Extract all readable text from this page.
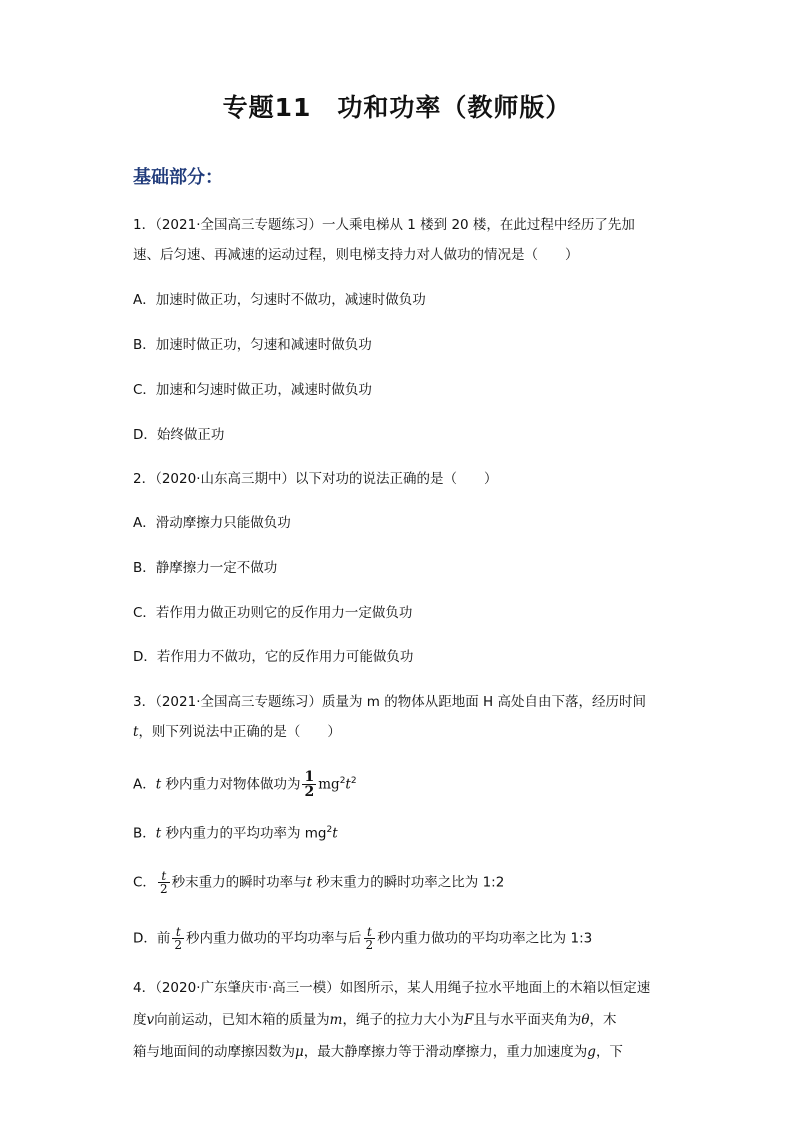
专题11 功和功率（教师版）
基础部分：
1．（2021·全国高三专题练习）一人乘电梯从 1 楼到 20 楼，在此过程中经历了先加
速、后匀速、再减速的运动过程，则电梯支持力对人做功的情况是（　　）
A．加速时做正功，匀速时不做功，减速时做负功
B．加速时做正功，匀速和减速时做负功
C．加速和匀速时做正功，减速时做负功
D．始终做正功
2．（2020·山东高三期中）以下对功的说法正确的是（　　）
A．滑动摩擦力只能做负功
B．静摩擦力一定不做功
C．若作用力做正功则它的反作用力一定做负功
D．若作用力不做功，它的反作用力可能做负功
3．（2021·全国高三专题练习）质量为 m 的物体从距地面 H 高处自由下落，经历时间
t，则下列说法中正确的是（　　）
A．t 秒内重力对物体做功为 $\frac{1}{2} mg^2t^2$
B．t 秒内重力的平均功率为 $mg^2t$
C． $\frac{t}{2}$ 秒末重力的瞬时功率与t 秒末重力的瞬时功率之比为 1:2
D．前 $\frac{t}{2}$ 秒内重力做功的平均功率与后 $\frac{t}{2}$ 秒内重力做功的平均功率之比为 1:3
4．（2020·广东肇庆市·高三一模）如图所示，某人用绳子拉水平地面上的木箱以恒定速
度v向前运动，已知木箱的质量为m，绳子的拉力大小为F且与水平面夹角为θ，木
箱与地面间的动摩擦因数为μ，最大静摩擦力等于滑动摩擦力，重力加速度为g，下
